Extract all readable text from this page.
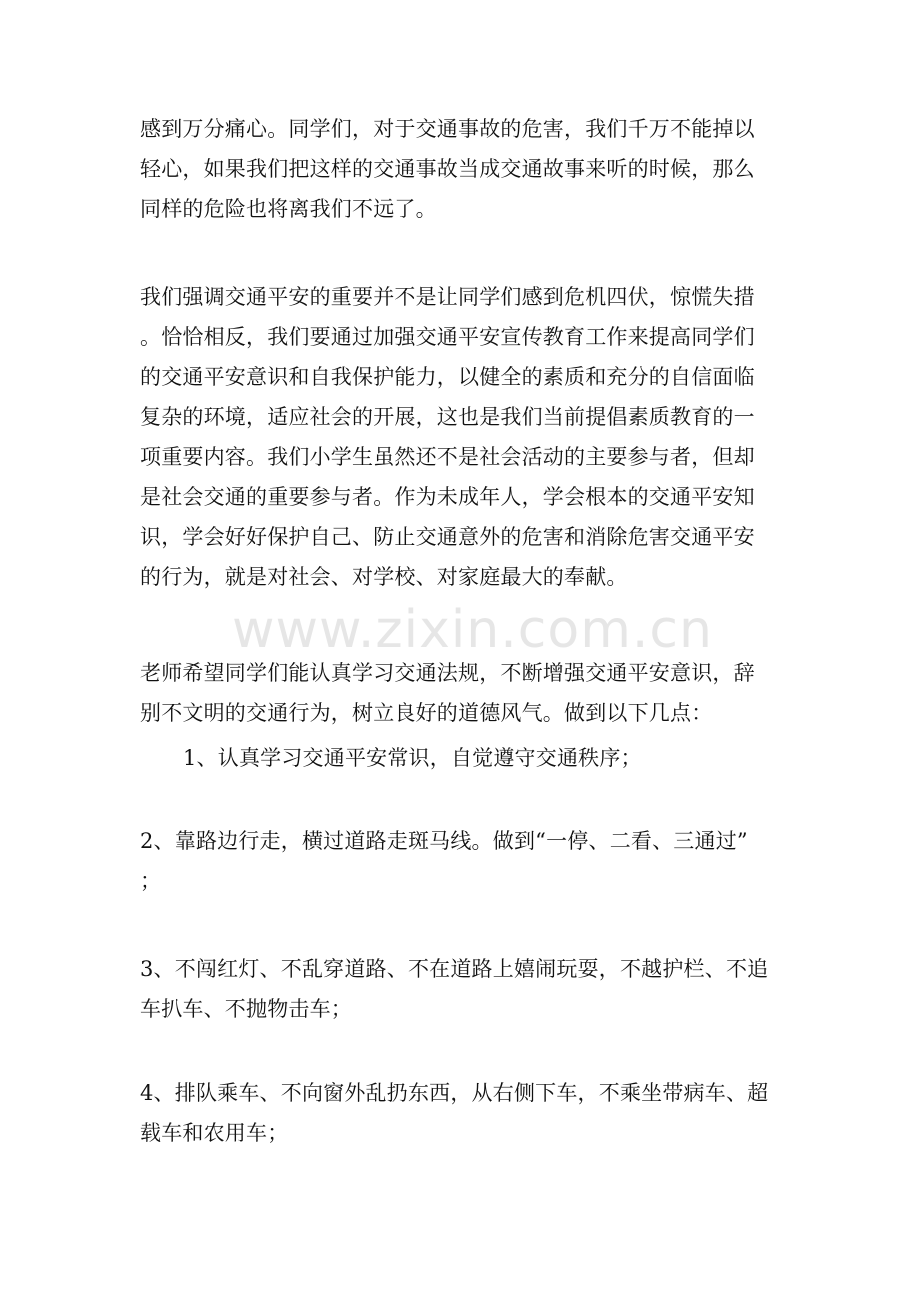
感到万分痛心。同学们，对于交通事故的危害，我们千万不能掉以
轻心，如果我们把这样的交通事故当成交通故事来听的时候，那么
同样的危险也将离我们不远了。
我们强调交通平安的重要并不是让同学们感到危机四伏，惊慌失措
。恰恰相反，我们要通过加强交通平安宣传教育工作来提高同学们
的交通平安意识和自我保护能力，以健全的素质和充分的自信面临
复杂的环境，适应社会的开展，这也是我们当前提倡素质教育的一
项重要内容。我们小学生虽然还不是社会活动的主要参与者，但却
是社会交通的重要参与者。作为未成年人，学会根本的交通平安知
识，学会好好保护自己、防止交通意外的危害和消除危害交通平安
的行为，就是对社会、对学校、对家庭最大的奉献。
www.zixin.com.cn
老师希望同学们能认真学习交通法规，不断增强交通平安意识，辞
别不文明的交通行为，树立良好的道德风气。做到以下几点：
1、认真学习交通平安常识，自觉遵守交通秩序；
2、靠路边行走，横过道路走斑马线。做到“一停、二看、三通过”
；
3、不闯红灯、不乱穿道路、不在道路上嬉闹玩耍，不越护栏、不追
车扒车、不抛物击车；
4、排队乘车、不向窗外乱扔东西，从右侧下车，不乘坐带病车、超
载车和农用车；
